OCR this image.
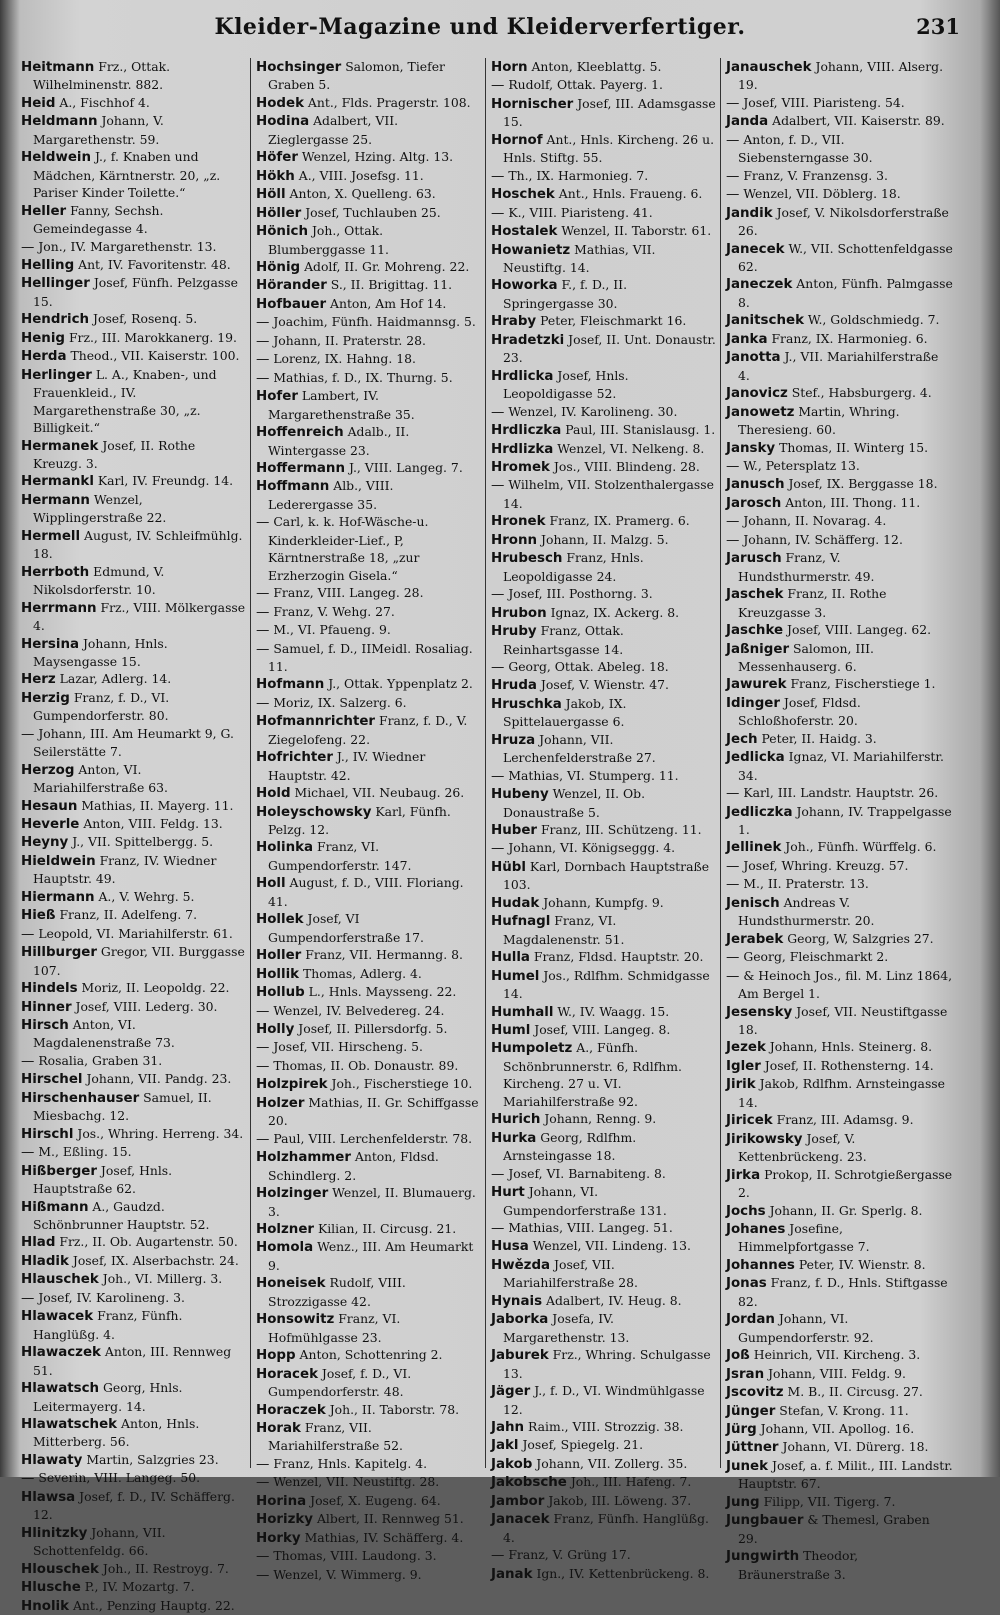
Kleider-Magazine und Kleiderverfertiger.	231
Heitmann Frz., Ottak. Wilhelminenstr. 882.
Heid A., Fischhof 4.
Heldmann Johann, V. Margarethenstr. 59.
Heldwein J., f. Knaben und Mädchen, Kärntnerstr. 20, „z. Pariser Kinder Toilette.“
Heller Fanny, Sechsh. Gemeindegasse 4.
— Jon., IV. Margarethenstr. 13.
Helling Ant, IV. Favoritenstr. 48.
Hellinger Josef, Fünfh. Pelzgasse 15.
Hendrich Josef, Rosenq. 5.
Henig Frz., III. Marokkanerg. 19.
Herda Theod., VII. Kaiserstr. 100.
Herlinger L. A., Knaben-, und Frauenkleid., IV. Margarethenstraße 30, „z. Billigkeit.“
Hermanek Josef, II. Rothe Kreuzg. 3.
Hermankl Karl, IV. Freundg. 14.
Hermann Wenzel, Wipplingerstraße 22.
Hermell August, IV. Schleifmühlg. 18.
Herrboth Edmund, V. Nikolsdorferstr. 10.
Herrmann Frz., VIII. Mölkergasse 4.
Hersina Johann, Hnls. Maysengasse 15.
Herz Lazar, Adlerg. 14.
Herzig Franz, f. D., VI. Gumpendorferstr. 80.
— Johann, III. Am Heumarkt 9, G. Seilerstätte 7.
Herzog Anton, VI. Mariahilferstraße 63.
Hesaun Mathias, II. Mayerg. 11.
Heverle Anton, VIII. Feldg. 13.
Heyny J., VII. Spittelbergg. 5.
Hieldwein Franz, IV. Wiedner Hauptstr. 49.
Hiermann A., V. Wehrg. 5.
Hieß Franz, II. Adelfeng. 7.
— Leopold, VI. Mariahilferstr. 61.
Hillburger Gregor, VII. Burggasse 107.
Hindels Moriz, II. Leopoldg. 22.
Hinner Josef, VIII. Lederg. 30.
Hirsch Anton, VI. Magdalenenstraße 73.
— Rosalia, Graben 31.
Hirschel Johann, VII. Pandg. 23.
Hirschenhauser Samuel, II. Miesbachg. 12.
Hirschl Jos., Whring. Herreng. 34.
— M., Eßling. 15.
Hißberger Josef, Hnls. Hauptstraße 62.
Hißmann A., Gaudzd. Schönbrunner Hauptstr. 52.
Hlad Frz., II. Ob. Augartenstr. 50.
Hladik Josef, IX. Alserbachstr. 24.
Hlauschek Joh., VI. Millerg. 3.
— Josef, IV. Karolineng. 3.
Hlawacek Franz, Fünfh. Hanglüßg. 4.
Hlawaczek Anton, III. Rennweg 51.
Hlawatsch Georg, Hnls. Leitermayerg. 14.
Hlawatschek Anton, Hnls. Mitterberg. 56.
Hlawaty Martin, Salzgries 23.
— Severin, VIII. Langeg. 50.
Hlawsa Josef, f. D., IV. Schäfferg. 12.
Hlinitzky Johann, VII. Schottenfeldg. 66.
Hlouschek Joh., II. Restroyg. 7.
Hlusche P., IV. Mozartg. 7.
Hnolik Ant., Penzing Hauptg. 22.
Hochsinger Salomon, Tiefer Graben 5.
Hodek Ant., Flds. Pragerstr. 108.
Hodina Adalbert, VII. Zieglergasse 25.
Höfer Wenzel, Hzing. Altg. 13.
Hökh A., VIII. Josefsg. 11.
Höll Anton, X. Quelleng. 63.
Höller Josef, Tuchlauben 25.
Hönich Joh., Ottak. Blumberggasse 11.
Hönig Adolf, II. Gr. Mohreng. 22.
Hörander S., II. Brigittag. 11.
Hofbauer Anton, Am Hof 14.
— Joachim, Fünfh. Haidmannsg. 5.
— Johann, II. Praterstr. 28.
— Lorenz, IX. Hahng. 18.
— Mathias, f. D., IX. Thurng. 5.
Hofer Lambert, IV. Margarethenstraße 35.
Hoffenreich Adalb., II. Wintergasse 23.
Hoffermann J., VIII. Langeg. 7.
Hoffmann Alb., VIII. Lederergasse 35.
— Carl, k. k. Hof-Wäsche-u. Kinderkleider-Lief., P, Kärntnerstraße 18, „zur Erzherzogin Gisela.“
— Franz, VIII. Langeg. 28.
— Franz, V. Wehg. 27.
— M., VI. Pfaueng. 9.
— Samuel, f. D., IIMeidl. Rosaliag. 11.
Hofmann J., Ottak. Yppenplatz 2.
— Moriz, IX. Salzerg. 6.
Hofmannrichter Franz, f. D., V. Ziegelofeng. 22.
Hofrichter J., IV. Wiedner Hauptstr. 42.
Hold Michael, VII. Neubaug. 26.
Holeyschowsky Karl, Fünfh. Pelzg. 12.
Holinka Franz, VI. Gumpendorferstr. 147.
Holl August, f. D., VIII. Floriang. 41.
Hollek Josef, VI Gumpendorferstraße 17.
Holler Franz, VII. Hermanng. 8.
Hollik Thomas, Adlerg. 4.
Hollub L., Hnls. Maysseng. 22.
— Wenzel, IV. Belvedereg. 24.
Holly Josef, II. Pillersdorfg. 5.
— Josef, VII. Hirscheng. 5.
— Thomas, II. Ob. Donaustr. 89.
Holzpirek Joh., Fischerstiege 10.
Holzer Mathias, II. Gr. Schiffgasse 20.
— Paul, VIII. Lerchenfelderstr. 78.
Holzhammer Anton, Fldsd. Schindlerg. 2.
Holzinger Wenzel, II. Blumauerg. 3.
Holzner Kilian, II. Circusg. 21.
Homola Wenz., III. Am Heumarkt 9.
Honeisek Rudolf, VIII. Strozzigasse 42.
Honsowitz Franz, VI. Hofmühlgasse 23.
Hopp Anton, Schottenring 2.
Horacek Josef, f. D., VI. Gumpendorferstr. 48.
Horaczek Joh., II. Taborstr. 78.
Horak Franz, VII. Mariahilferstraße 52.
— Franz, Hnls. Kapitelg. 4.
— Wenzel, VII. Neustiftg. 28.
Horina Josef, X. Eugeng. 64.
Horizky Albert, II. Rennweg 51.
Horky Mathias, IV. Schäfferg. 4.
— Thomas, VIII. Laudong. 3.
— Wenzel, V. Wimmerg. 9.
Horn Anton, Kleeblattg. 5.
— Rudolf, Ottak. Payerg. 1.
Hornischer Josef, III. Adamsgasse 15.
Hornof Ant., Hnls. Kircheng. 26 u. Hnls. Stiftg. 55.
— Th., IX. Harmonieg. 7.
Hoschek Ant., Hnls. Fraueng. 6.
— K., VIII. Piaristeng. 41.
Hostalek Wenzel, II. Taborstr. 61.
Howanietz Mathias, VII. Neustiftg. 14.
Howorka F., f. D., II. Springergasse 30.
Hraby Peter, Fleischmarkt 16.
Hradetzki Josef, II. Unt. Donaustr. 23.
Hrdlicka Josef, Hnls. Leopoldigasse 52.
— Wenzel, IV. Karolineng. 30.
Hrdliczka Paul, III. Stanislausg. 1.
Hrdlizka Wenzel, VI. Nelkeng. 8.
Hromek Jos., VIII. Blindeng. 28.
— Wilhelm, VII. Stolzenthalergasse 14.
Hronek Franz, IX. Pramerg. 6.
Hronn Johann, II. Malzg. 5.
Hrubesch Franz, Hnls. Leopoldigasse 24.
— Josef, III. Posthorng. 3.
Hrubon Ignaz, IX. Ackerg. 8.
Hruby Franz, Ottak. Reinhartsgasse 14.
— Georg, Ottak. Abeleg. 18.
Hruda Josef, V. Wienstr. 47.
Hruschka Jakob, IX. Spittelauergasse 6.
Hruza Johann, VII. Lerchenfelderstraße 27.
— Mathias, VI. Stumperg. 11.
Hubeny Wenzel, II. Ob. Donaustraße 5.
Huber Franz, III. Schützeng. 11.
— Johann, VI. Königseggg. 4.
Hübl Karl, Dornbach Hauptstraße 103.
Hudak Johann, Kumpfg. 9.
Hufnagl Franz, VI. Magdalenenstr. 51.
Hulla Franz, Fldsd. Hauptstr. 20.
Humel Jos., Rdlfhm. Schmidgasse 14.
Humhall W., IV. Waagg. 15.
Huml Josef, VIII. Langeg. 8.
Humpoletz A., Fünfh. Schönbrunnerstr. 6, Rdlfhm. Kircheng. 27 u. VI. Mariahilferstraße 92.
Hurich Johann, Renng. 9.
Hurka Georg, Rdlfhm. Arnsteingasse 18.
— Josef, VI. Barnabiteng. 8.
Hurt Johann, VI. Gumpendorferstraße 131.
— Mathias, VIII. Langeg. 51.
Husa Wenzel, VII. Lindeng. 13.
Hwězda Josef, VII. Mariahilferstraße 28.
Hynais Adalbert, IV. Heug. 8.
Jaborka Josefa, IV. Margarethenstr. 13.
Jaburek Frz., Whring. Schulgasse 13.
Jäger J., f. D., VI. Windmühlgasse 12.
Jahn Raim., VIII. Strozzig. 38.
Jakl Josef, Spiegelg. 21.
Jakob Johann, VII. Zollerg. 35.
Jakobsche Joh., III. Hafeng. 7.
Jambor Jakob, III. Löweng. 37.
Janacek Franz, Fünfh. Hanglüßg. 4.
— Franz, V. Grüng 17.
Janak Ign., IV. Kettenbrückeng. 8.
Janauschek Johann, VIII. Alserg. 19.
— Josef, VIII. Piaristeng. 54.
Janda Adalbert, VII. Kaiserstr. 89.
— Anton, f. D., VII. Siebensterngasse 30.
— Franz, V. Franzensg. 3.
— Wenzel, VII. Döblerg. 18.
Jandik Josef, V. Nikolsdorferstraße 26.
Janecek W., VII. Schottenfeldgasse 62.
Janeczek Anton, Fünfh. Palmgasse 8.
Janitschek W., Goldschmiedg. 7.
Janka Franz, IX. Harmonieg. 6.
Janotta J., VII. Mariahilferstraße 4.
Janovicz Stef., Habsburgerg. 4.
Janowetz Martin, Whring. Theresieng. 60.
Jansky Thomas, II. Winterg 15.
— W., Petersplatz 13.
Janusch Josef, IX. Berggasse 18.
Jarosch Anton, III. Thong. 11.
— Johann, II. Novarag. 4.
— Johann, IV. Schäfferg. 12.
Jarusch Franz, V. Hundsthurmerstr. 49.
Jaschek Franz, II. Rothe Kreuzgasse 3.
Jaschke Josef, VIII. Langeg. 62.
Jaßniger Salomon, III. Messenhauserg. 6.
Jawurek Franz, Fischerstiege 1.
Idinger Josef, Fldsd. Schloßhoferstr. 20.
Jech Peter, II. Haidg. 3.
Jedlicka Ignaz, VI. Mariahilferstr. 34.
— Karl, III. Landstr. Hauptstr. 26.
Jedliczka Johann, IV. Trappelgasse 1.
Jellinek Joh., Fünfh. Würffelg. 6.
— Josef, Whring. Kreuzg. 57.
— M., II. Praterstr. 13.
Jenisch Andreas V. Hundsthurmerstr. 20.
Jerabek Georg, W, Salzgries 27.
— Georg, Fleischmarkt 2.
— & Heinoch Jos., fil. M. Linz 1864, Am Bergel 1.
Jesensky Josef, VII. Neustiftgasse 18.
Jezek Johann, Hnls. Steinerg. 8.
Igler Josef, II. Rothensterng. 14.
Jirik Jakob, Rdlfhm. Arnsteingasse 14.
Jiricek Franz, III. Adamsg. 9.
Jirikowsky Josef, V. Kettenbrückeng. 23.
Jirka Prokop, II. Schrotgießergasse 2.
Jochs Johann, II. Gr. Sperlg. 8.
Johanes Josefine, Himmelpfortgasse 7.
Johannes Peter, IV. Wienstr. 8.
Jonas Franz, f. D., Hnls. Stiftgasse 82.
Jordan Johann, VI. Gumpendorferstr. 92.
Joß Heinrich, VII. Kircheng. 3.
Jsran Johann, VIII. Feldg. 9.
Jscovitz M. B., II. Circusg. 27.
Jünger Stefan, V. Krong. 11.
Jürg Johann, VII. Apollog. 16.
Jüttner Johann, VI. Dürerg. 18.
Junek Josef, a. f. Milit., III. Landstr. Hauptstr. 67.
Jung Filipp, VII. Tigerg. 7.
Jungbauer & Themesl, Graben 29.
Jungwirth Theodor, Bräunerstraße 3.
